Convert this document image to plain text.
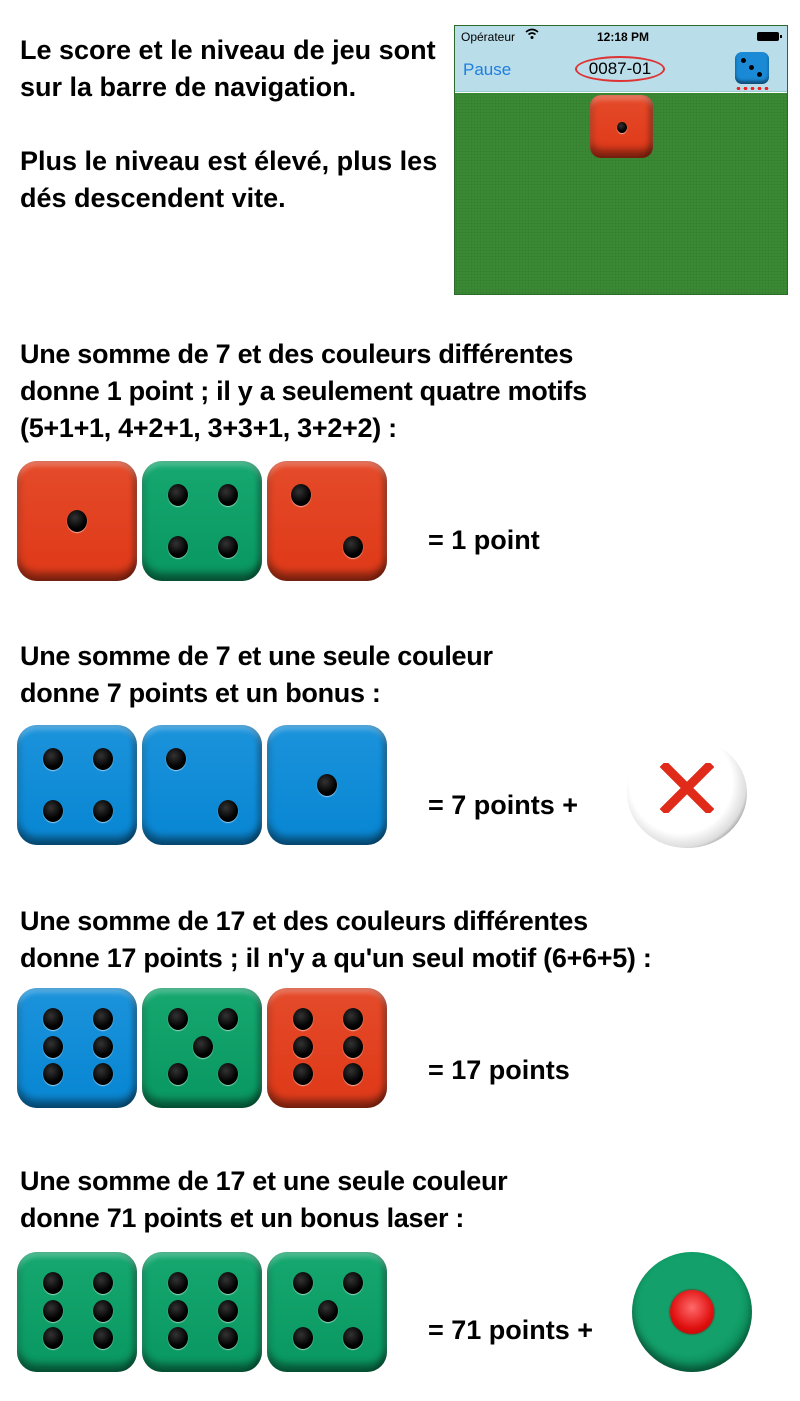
Le score et le niveau de jeu sont sur la barre de navigation.

Plus le niveau est élevé, plus les dés descendent vite.

Opérateur	12:18 PM
Pause	0087-01
Une somme de 7 et des couleurs différentes
donne 1 point ; il y a seulement quatre motifs
(5+1+1, 4+2+1, 3+3+1, 3+2+2) :
= 1 point
Une somme de 7 et une seule couleur
donne 7 points et un bonus :
= 7 points +
Une somme de 17 et des couleurs différentes
donne 17 points ; il n'y a qu'un seul motif (6+6+5) :
= 17 points
Une somme de 17 et une seule couleur
donne 71 points et un bonus laser :
= 71 points +
